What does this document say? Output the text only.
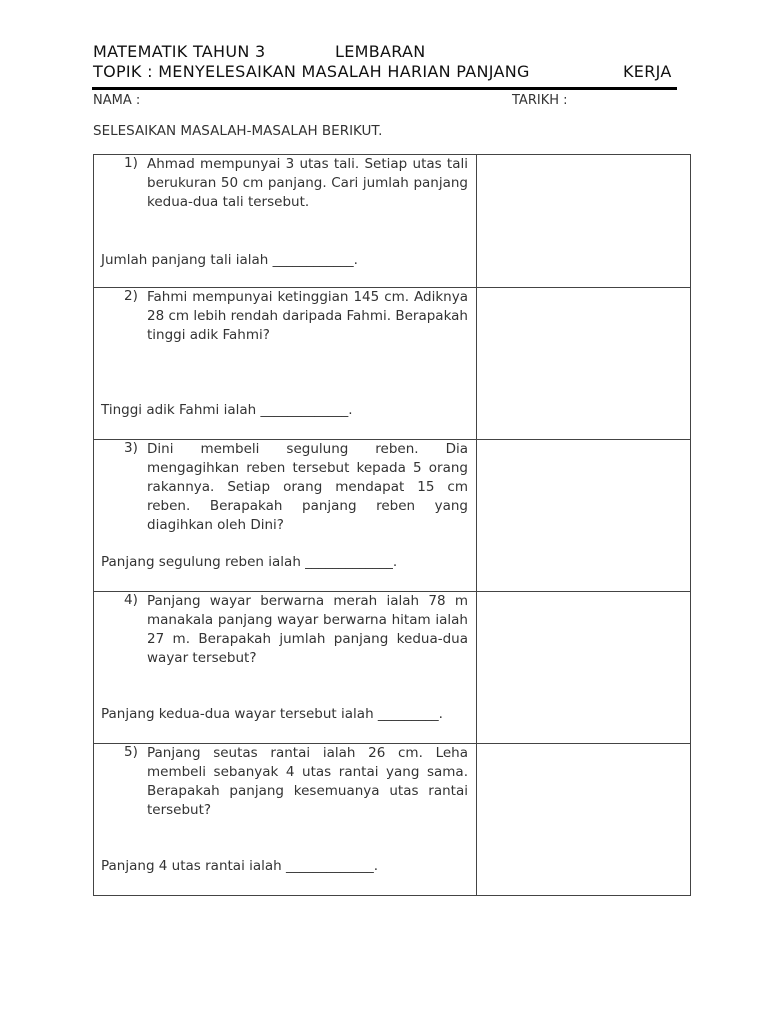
MATEMATIK TAHUN 3	LEMBARAN
TOPIK : MENYELESAIKAN MASALAH HARIAN PANJANG	KERJA
NAMA :	TARIKH :
SELESAIKAN MASALAH-MASALAH BERIKUT.
1) Ahmad mempunyai 3 utas tali. Setiap utas tali berukuran 50 cm panjang. Cari jumlah panjang kedua-dua tali tersebut.
Jumlah panjang tali ialah ____________.	

2) Fahmi mempunyai ketinggian 145 cm. Adiknya 28 cm lebih rendah daripada Fahmi. Berapakah tinggi adik Fahmi?
Tinggi adik Fahmi ialah _____________.	

3) Dini membeli segulung reben. Dia mengagihkan reben tersebut kepada 5 orang rakannya. Setiap orang mendapat 15 cm reben. Berapakah panjang reben yang diagihkan oleh Dini?
Panjang segulung reben ialah _____________.	

4) Panjang wayar berwarna merah ialah 78 m manakala panjang wayar berwarna hitam ialah 27 m. Berapakah jumlah panjang kedua-dua wayar tersebut?
Panjang kedua-dua wayar tersebut ialah _________.	

5) Panjang seutas rantai ialah 26 cm. Leha membeli sebanyak 4 utas rantai yang sama. Berapakah panjang kesemuanya utas rantai tersebut?
Panjang 4 utas rantai ialah _____________.	
